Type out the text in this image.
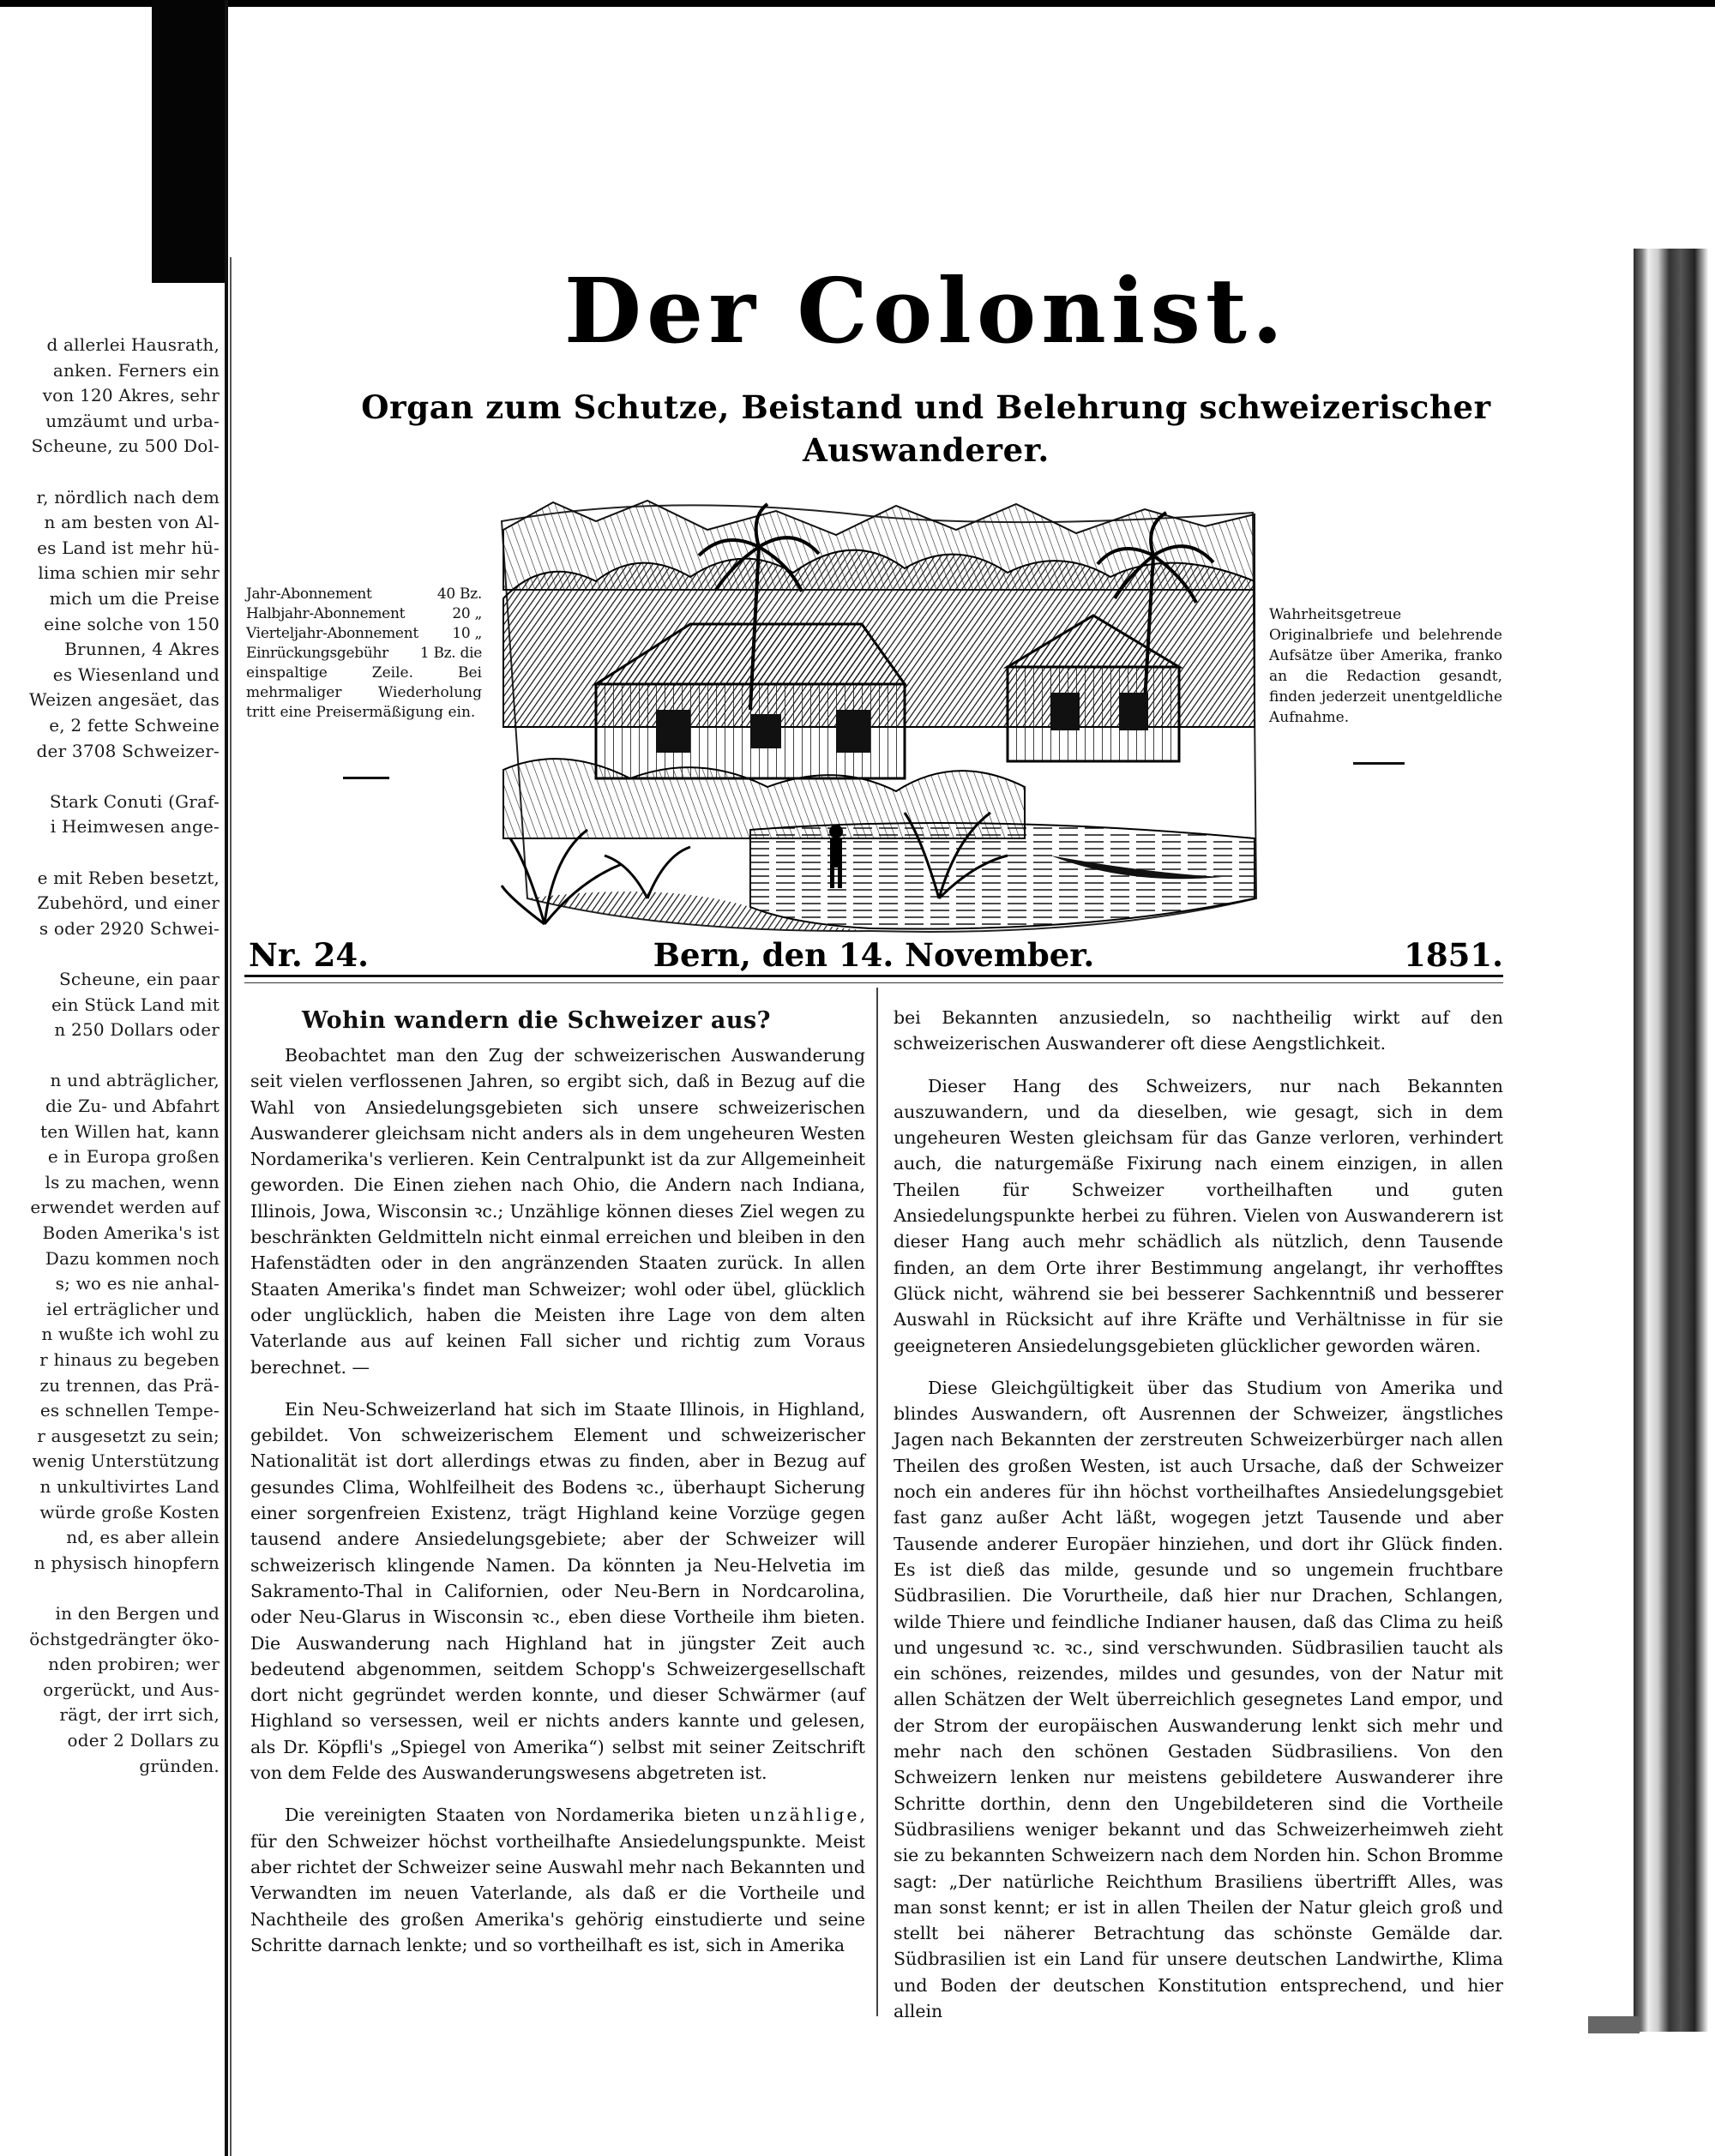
d allerlei Hausrath,
anken. Ferners ein
von 120 Akres, sehr
umzäumt und urba-
Scheune, zu 500 Dol-
r, nördlich nach dem
n am besten von Al-
es Land ist mehr hü-
lima schien mir sehr
mich um die Preise
eine solche von 150
Brunnen, 4 Akres
es Wiesenland und
Weizen angesäet, das
e, 2 fette Schweine
der 3708 Schweizer-
Stark Conuti (Graf-
i Heimwesen ange-
e mit Reben besetzt,
Zubehörd, und einer
s oder 2920 Schwei-
Scheune, ein paar
ein Stück Land mit
n 250 Dollars oder
n und abträglicher,
die Zu- und Abfahrt
ten Willen hat, kann
e in Europa großen
ls zu machen, wenn
erwendet werden auf
Boden Amerika's ist
Dazu kommen noch
s; wo es nie anhal-
iel erträglicher und
n wußte ich wohl zu
r hinaus zu begeben
zu trennen, das Prä-
es schnellen Tempe-
r ausgesetzt zu sein;
wenig Unterstützung
n unkultivirtes Land
würde große Kosten
nd, es aber allein
n physisch hinopfern
in den Bergen und
öchstgedrängter öko-
nden probiren; wer
orgerückt, und Aus-
rägt, der irrt sich,
oder 2 Dollars zu
gründen.
Der Colonist.
Organ zum Schutze, Beistand und Belehrung schweizerischer Auswanderer.
Jahr-Abonnement	40 Bz.
Halbjahr-Abonnement	20 „
Vierteljahr-Abonnement 10 „
Einrückungsgebühr 1 Bz. die
einspaltige Zeile. Bei mehrmaliger Wiederholung tritt eine Preisermäßigung ein.
Wahrheitsgetreue Originalbriefe und belehrende Aufsätze über Amerika, franko an die Redaction gesandt, finden jederzeit unentgeldliche Aufnahme.
Bern, den 14. November.
Nr. 24.	1851.
Wohin wandern die Schweizer aus?

Beobachtet man den Zug der schweizerischen Auswanderung seit vielen verflossenen Jahren, so ergibt sich, daß in Bezug auf die Wahl von Ansiedelungsgebieten sich unsere schweizerischen Auswanderer gleichsam nicht anders als in dem ungeheuren Westen Nordamerika's verlieren. Kein Centralpunkt ist da zur Allgemeinheit geworden. Die Einen ziehen nach Ohio, die Andern nach Indiana, Illinois, Jowa, Wisconsin ꝛc.; Unzählige können dieses Ziel wegen zu beschränkten Geldmitteln nicht einmal erreichen und bleiben in den Hafenstädten oder in den angränzenden Staaten zurück. In allen Staaten Amerika's findet man Schweizer; wohl oder übel, glücklich oder unglücklich, haben die Meisten ihre Lage von dem alten Vaterlande aus auf keinen Fall sicher und richtig zum Voraus berechnet. —

Ein Neu-Schweizerland hat sich im Staate Illinois, in Highland, gebildet. Von schweizerischem Element und schweizerischer Nationalität ist dort allerdings etwas zu finden, aber in Bezug auf gesundes Clima, Wohlfeilheit des Bodens ꝛc., überhaupt Sicherung einer sorgenfreien Existenz, trägt Highland keine Vorzüge gegen tausend andere Ansiedelungsgebiete; aber der Schweizer will schweizerisch klingende Namen. Da könnten ja Neu-Helvetia im Sakramento-Thal in Californien, oder Neu-Bern in Nordcarolina, oder Neu-Glarus in Wisconsin ꝛc., eben diese Vortheile ihm bieten. Die Auswanderung nach Highland hat in jüngster Zeit auch bedeutend abgenommen, seitdem Schopp's Schweizergesellschaft dort nicht gegründet werden konnte, und dieser Schwärmer (auf Highland so versessen, weil er nichts anders kannte und gelesen, als Dr. Köpfli's „Spiegel von Amerika“) selbst mit seiner Zeitschrift von dem Felde des Auswanderungswesens abgetreten ist.

Die vereinigten Staaten von Nordamerika bieten unzählige, für den Schweizer höchst vortheilhafte Ansiedelungspunkte. Meist aber richtet der Schweizer seine Auswahl mehr nach Bekannten und Verwandten im neuen Vaterlande, als daß er die Vortheile und Nachtheile des großen Amerika's gehörig einstudierte und seine Schritte darnach lenkte; und so vortheilhaft es ist, sich in Amerika

bei Bekannten anzusiedeln, so nachtheilig wirkt auf den schweizerischen Auswanderer oft diese Aengstlichkeit.

Dieser Hang des Schweizers, nur nach Bekannten auszuwandern, und da dieselben, wie gesagt, sich in dem ungeheuren Westen gleichsam für das Ganze verloren, verhindert auch, die naturgemäße Fixirung nach einem einzigen, in allen Theilen für Schweizer vortheilhaften und guten Ansiedelungspunkte herbei zu führen. Vielen von Auswanderern ist dieser Hang auch mehr schädlich als nützlich, denn Tausende finden, an dem Orte ihrer Bestimmung angelangt, ihr verhofftes Glück nicht, während sie bei besserer Sachkenntniß und besserer Auswahl in Rücksicht auf ihre Kräfte und Verhältnisse in für sie geeigneteren Ansiedelungsgebieten glücklicher geworden wären.

Diese Gleichgültigkeit über das Studium von Amerika und blindes Auswandern, oft Ausrennen der Schweizer, ängstliches Jagen nach Bekannten der zerstreuten Schweizerbürger nach allen Theilen des großen Westen, ist auch Ursache, daß der Schweizer noch ein anderes für ihn höchst vortheilhaftes Ansiedelungsgebiet fast ganz außer Acht läßt, wogegen jetzt Tausende und aber Tausende anderer Europäer hinziehen, und dort ihr Glück finden. Es ist dieß das milde, gesunde und so ungemein fruchtbare Südbrasilien. Die Vorurtheile, daß hier nur Drachen, Schlangen, wilde Thiere und feindliche Indianer hausen, daß das Clima zu heiß und ungesund ꝛc. ꝛc., sind verschwunden. Südbrasilien taucht als ein schönes, reizendes, mildes und gesundes, von der Natur mit allen Schätzen der Welt überreichlich gesegnetes Land empor, und der Strom der europäischen Auswanderung lenkt sich mehr und mehr nach den schönen Gestaden Südbrasiliens. Von den Schweizern lenken nur meistens gebildetere Auswanderer ihre Schritte dorthin, denn den Ungebildeteren sind die Vortheile Südbrasiliens weniger bekannt und das Schweizerheimweh zieht sie zu bekannten Schweizern nach dem Norden hin. Schon Bromme sagt: „Der natürliche Reichthum Brasiliens übertrifft Alles, was man sonst kennt; er ist in allen Theilen der Natur gleich groß und stellt bei näherer Betrachtung das schönste Gemälde dar. Südbrasilien ist ein Land für unsere deutschen Landwirthe, Klima und Boden der deutschen Konstitution entsprechend, und hier allein
